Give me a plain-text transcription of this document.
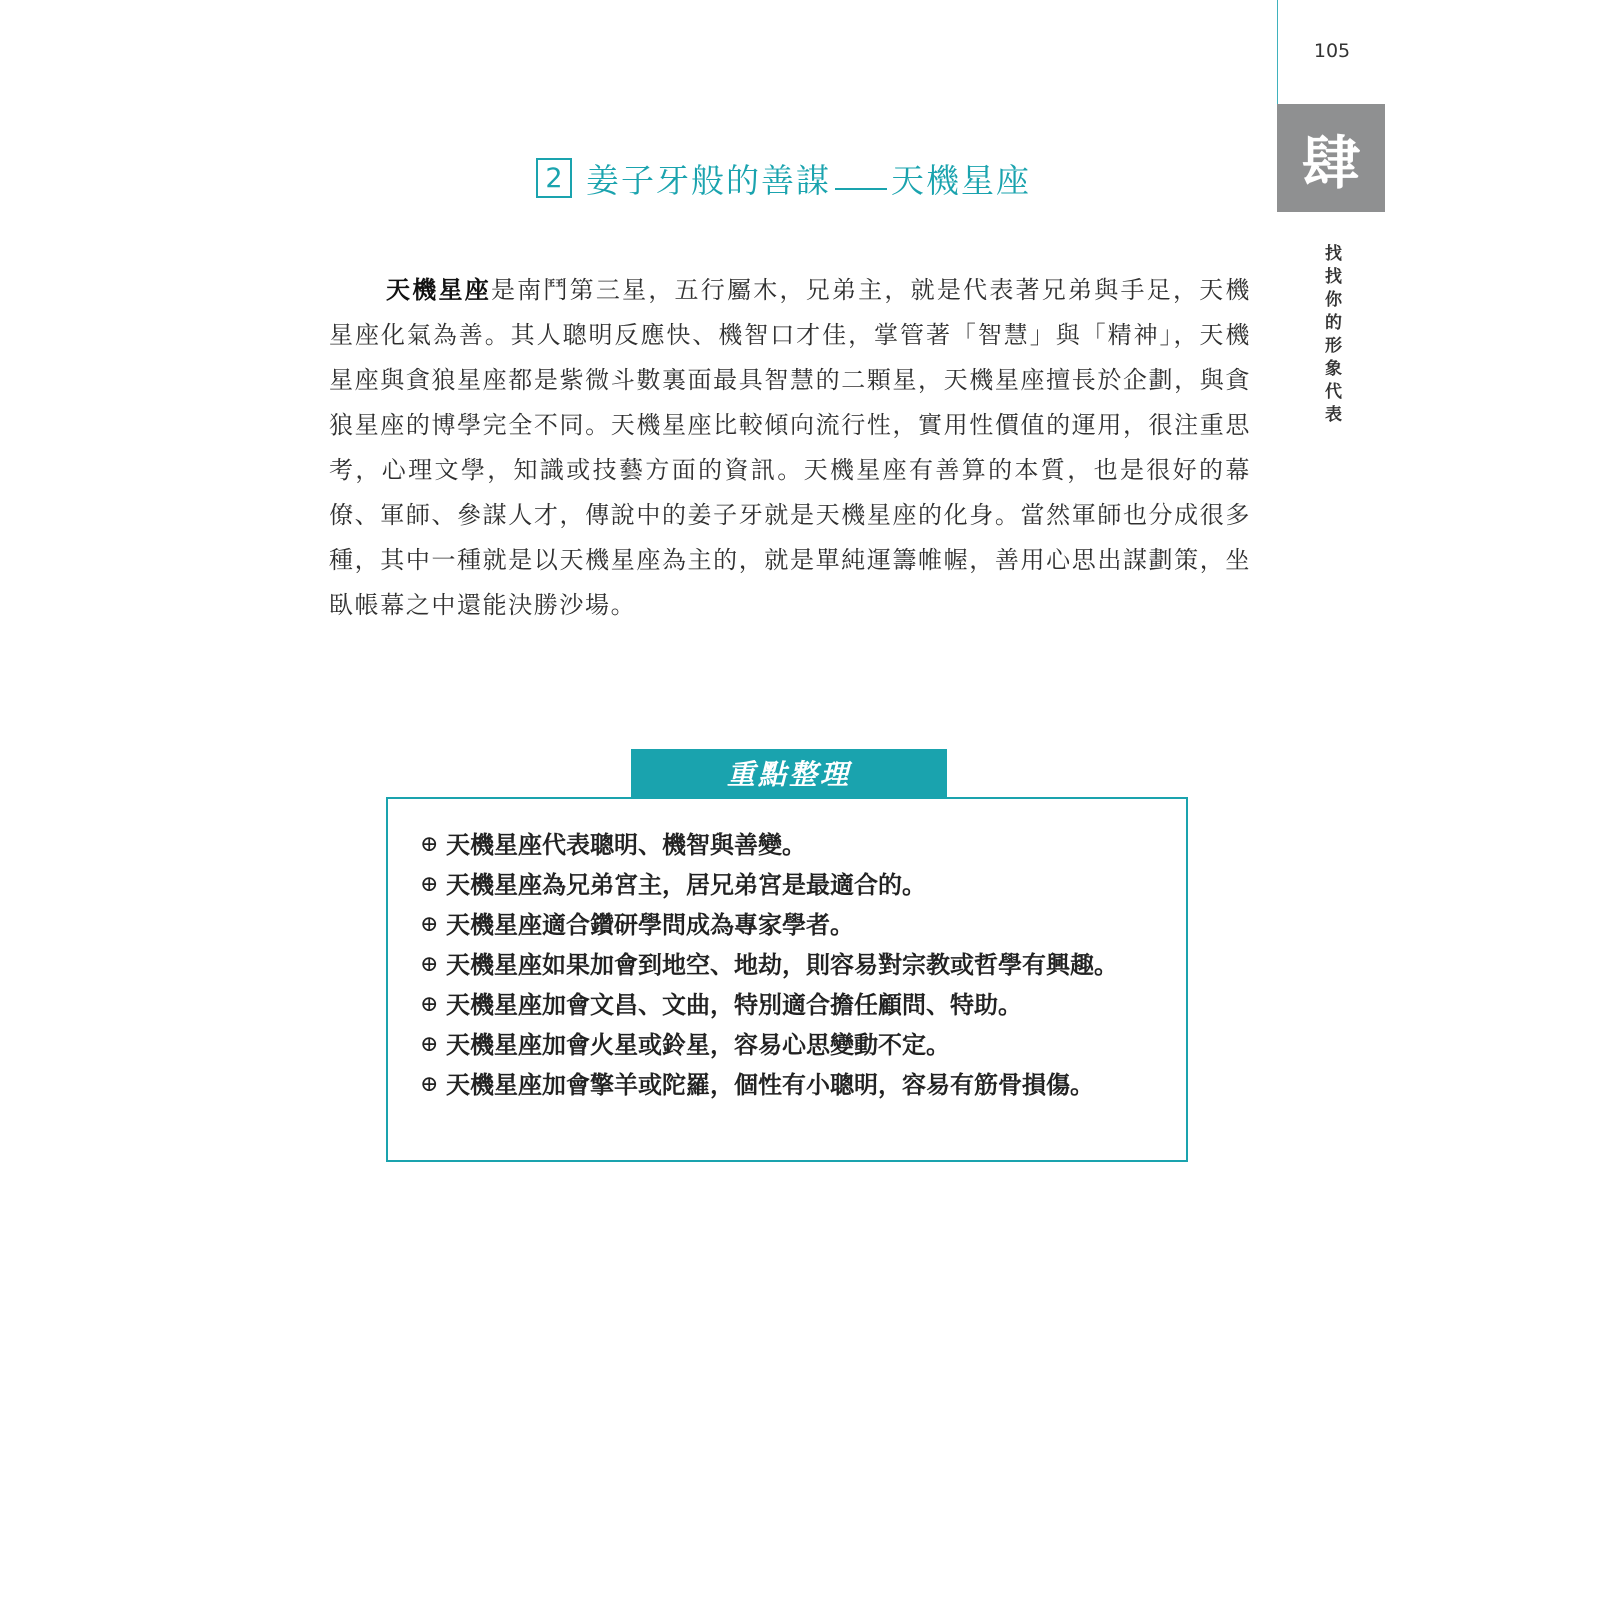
105
肆
找找你的形象代表
2 姜子牙般的善謀 天機星座

天機星座是南鬥第三星，五行屬木，兄弟主，就是代表著兄弟與手足，天機星座化氣為善。其人聰明反應快、機智口才佳，掌管著「智慧」與「精神」，天機星座與貪狼星座都是紫微斗數裏面最具智慧的二顆星，天機星座擅長於企劃，與貪狼星座的博學完全不同。天機星座比較傾向流行性，實用性價值的運用，很注重思考，心理文學，知識或技藝方面的資訊。天機星座有善算的本質，也是很好的幕僚、軍師、參謀人才，傳說中的姜子牙就是天機星座的化身。當然軍師也分成很多種，其中一種就是以天機星座為主的，就是單純運籌帷幄，善用心思出謀劃策，坐臥帳幕之中還能決勝沙場。

重點整理
⊕ 天機星座代表聰明、機智與善變。
⊕ 天機星座為兄弟宮主，居兄弟宮是最適合的。
⊕ 天機星座適合鑽研學問成為專家學者。
⊕ 天機星座如果加會到地空、地劫，則容易對宗教或哲學有興趣。
⊕ 天機星座加會文昌、文曲，特別適合擔任顧問、特助。
⊕ 天機星座加會火星或鈴星，容易心思變動不定。
⊕ 天機星座加會擎羊或陀羅，個性有小聰明，容易有筋骨損傷。
